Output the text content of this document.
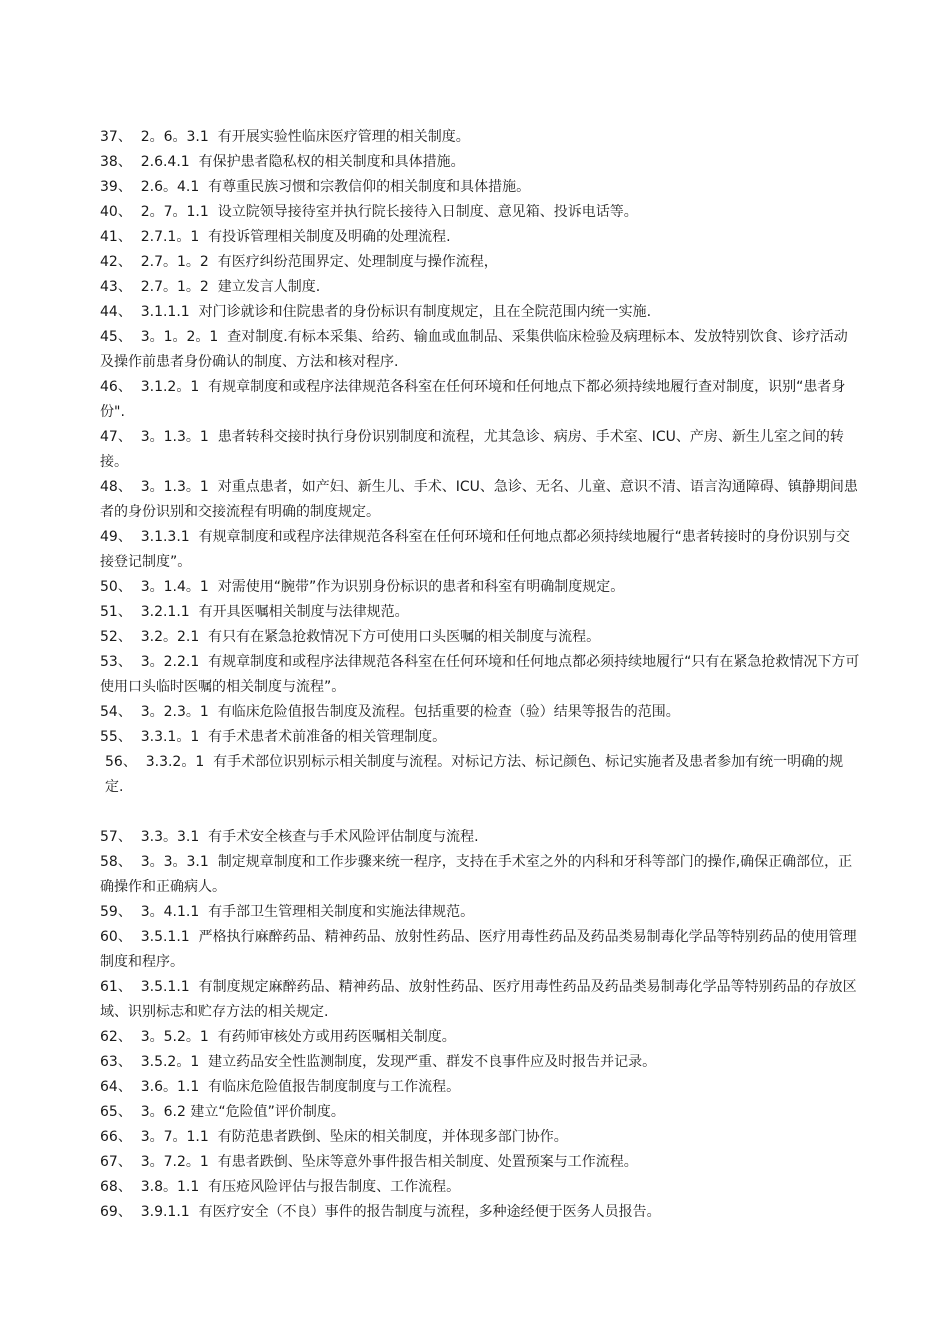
37、  2。6。3.1  有开展实验性临床医疗管理的相关制度。
38、  2.6.4.1  有保护患者隐私权的相关制度和具体措施。
39、  2.6。4.1  有尊重民族习惯和宗教信仰的相关制度和具体措施。
40、  2。7。1.1  设立院领导接待室并执行院长接待入日制度、意见箱、投诉电话等。
41、  2.7.1。1  有投诉管理相关制度及明确的处理流程.
42、  2.7。1。2  有医疗纠纷范围界定、处理制度与操作流程，
43、  2.7。1。2  建立发言人制度.
44、  3.1.1.1  对门诊就诊和住院患者的身份标识有制度规定，且在全院范围内统一实施.
45、  3。1。2。1  查对制度.有标本采集、给药、输血或血制品、采集供临床检验及病理标本、发放特别饮食、诊疗活动及操作前患者身份确认的制度、方法和核对程序.
46、  3.1.2。1  有规章制度和或程序法律规范各科室在任何环境和任何地点下都必须持续地履行查对制度，识别“患者身份".
47、  3。1.3。1  患者转科交接时执行身份识别制度和流程，尤其急诊、病房、手术室、ICU、产房、新生儿室之间的转接。
48、  3。1.3。1  对重点患者，如产妇、新生儿、手术、ICU、急诊、无名、儿童、意识不清、语言沟通障碍、镇静期间患者的身份识别和交接流程有明确的制度规定。
49、  3.1.3.1  有规章制度和或程序法律规范各科室在任何环境和任何地点都必须持续地履行“患者转接时的身份识别与交接登记制度”。
50、  3。1.4。1  对需使用“腕带”作为识别身份标识的患者和科室有明确制度规定。
51、  3.2.1.1  有开具医嘱相关制度与法律规范。
52、  3.2。2.1  有只有在紧急抢救情况下方可使用口头医嘱的相关制度与流程。
53、  3。2.2.1  有规章制度和或程序法律规范各科室在任何环境和任何地点都必须持续地履行“只有在紧急抢救情况下方可使用口头临时医嘱的相关制度与流程”。
54、  3。2.3。1  有临床危险值报告制度及流程。包括重要的检查（验）结果等报告的范围。
55、  3.3.1。1  有手术患者术前准备的相关管理制度。
56、  3.3.2。1  有手术部位识别标示相关制度与流程。对标记方法、标记颜色、标记实施者及患者参加有统一明确的规定.
57、  3.3。3.1  有手术安全核查与手术风险评估制度与流程.
58、  3。3。3.1  制定规章制度和工作步骤来统一程序，支持在手术室之外的内科和牙科等部门的操作,确保正确部位，正确操作和正确病人。
59、  3。4.1.1  有手部卫生管理相关制度和实施法律规范。
60、  3.5.1.1  严格执行麻醉药品、精神药品、放射性药品、医疗用毒性药品及药品类易制毒化学品等特别药品的使用管理制度和程序。
61、  3.5.1.1  有制度规定麻醉药品、精神药品、放射性药品、医疗用毒性药品及药品类易制毒化学品等特别药品的存放区域、识别标志和贮存方法的相关规定.
62、  3。5.2。1  有药师审核处方或用药医嘱相关制度。
63、  3.5.2。1  建立药品安全性监测制度，发现严重、群发不良事件应及时报告并记录。
64、  3.6。1.1  有临床危险值报告制度制度与工作流程。
65、  3。6.2 建立“危险值”评价制度。
66、  3。7。1.1  有防范患者跌倒、坠床的相关制度，并体现多部门协作。
67、  3。7.2。1  有患者跌倒、坠床等意外事件报告相关制度、处置预案与工作流程。
68、  3.8。1.1  有压疮风险评估与报告制度、工作流程。
69、  3.9.1.1  有医疗安全（不良）事件的报告制度与流程，多种途经便于医务人员报告。
